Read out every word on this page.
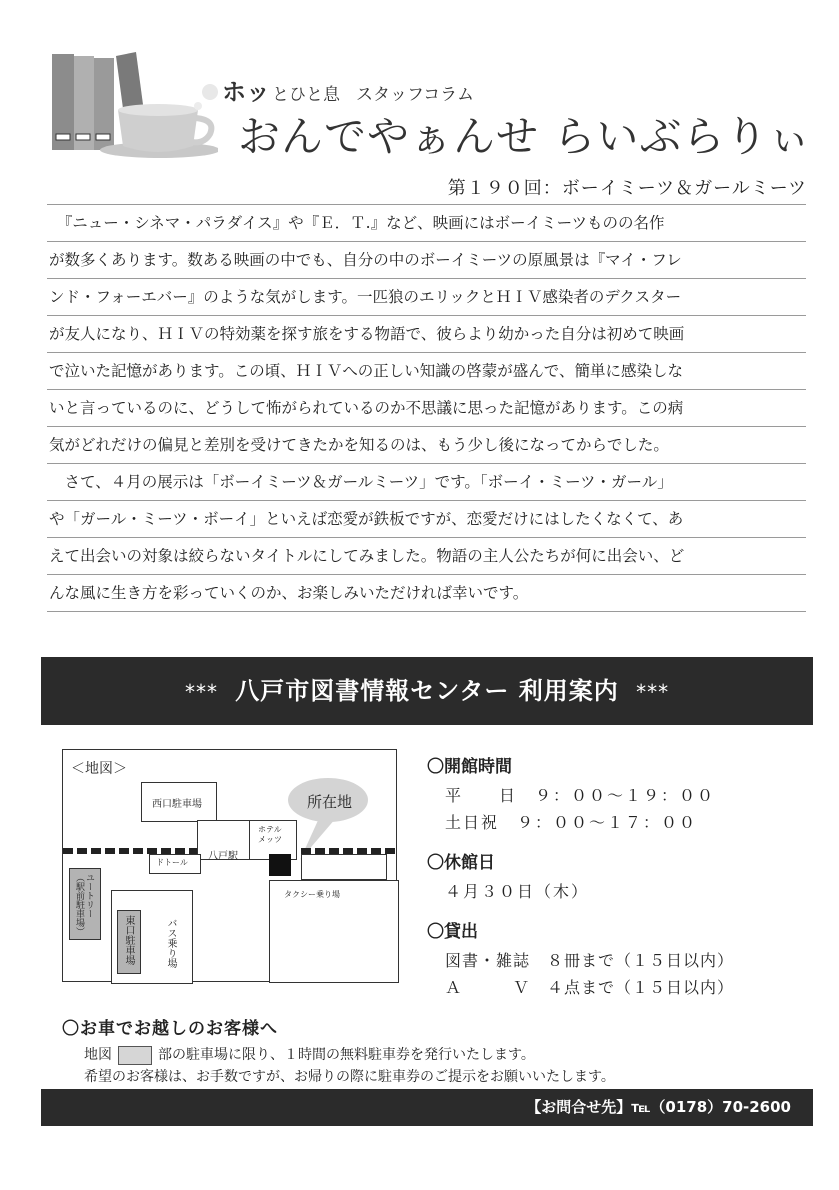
ホッ とひと息 スタッフコラム
おんでやぁんせ らいぶらりぃ
第１９０回：ボーイミーツ＆ガールミーツ
　『ニュー・シネマ・パラダイス』や『Ｅ．Ｔ.』など、映画にはボーイミーツものの名作
が数多くあります。数ある映画の中でも、自分の中のボーイミーツの原風景は『マイ・フレ
ンド・フォーエバー』のような気がします。一匹狼のエリックとＨＩＶ感染者のデクスター
が友人になり、ＨＩＶの特効薬を探す旅をする物語で、彼らより幼かった自分は初めて映画
で泣いた記憶があります。この頃、ＨＩＶへの正しい知識の啓蒙が盛んで、簡単に感染しな
いと言っているのに、どうして怖がられているのか不思議に思った記憶があります。この病
気がどれだけの偏見と差別を受けてきたかを知るのは、もう少し後になってからでした。
　さて、４月の展示は「ボーイミーツ＆ガールミーツ」です。「ボーイ・ミーツ・ガール」
や「ガール・ミーツ・ボーイ」といえば恋愛が鉄板ですが、恋愛だけにはしたくなくて、あ
えて出会いの対象は絞らないタイトルにしてみました。物語の主人公たちが何に出会い、ど
んな風に生き方を彩っていくのか、お楽しみいただければ幸いです。
*** 八戸市図書情報センター 利用案内 ***
＜地図＞
西口駐車場	所在地
八戸駅
ホテル
メッツ
ドトール
ユートリー
（駅前駐車場）
東口駐車場	バス乗り場
タクシー乗り場
〇開館時間
平　　日　９：００〜１９：００
土日祝　９：００〜１７：００
〇休館日
４月３０日（木）
〇貸出
図書・雑誌　８冊まで（１５日以内）
Ａ　　　Ｖ　４点まで（１５日以内）
〇お車でお越しのお客様へ
地図	部の駐車場に限り、１時間の無料駐車券を発行いたします。
希望のお客様は、お手数ですが、お帰りの際に駐車券のご提示をお願いいたします。
【お問合せ先】℡（0178）70-2600
